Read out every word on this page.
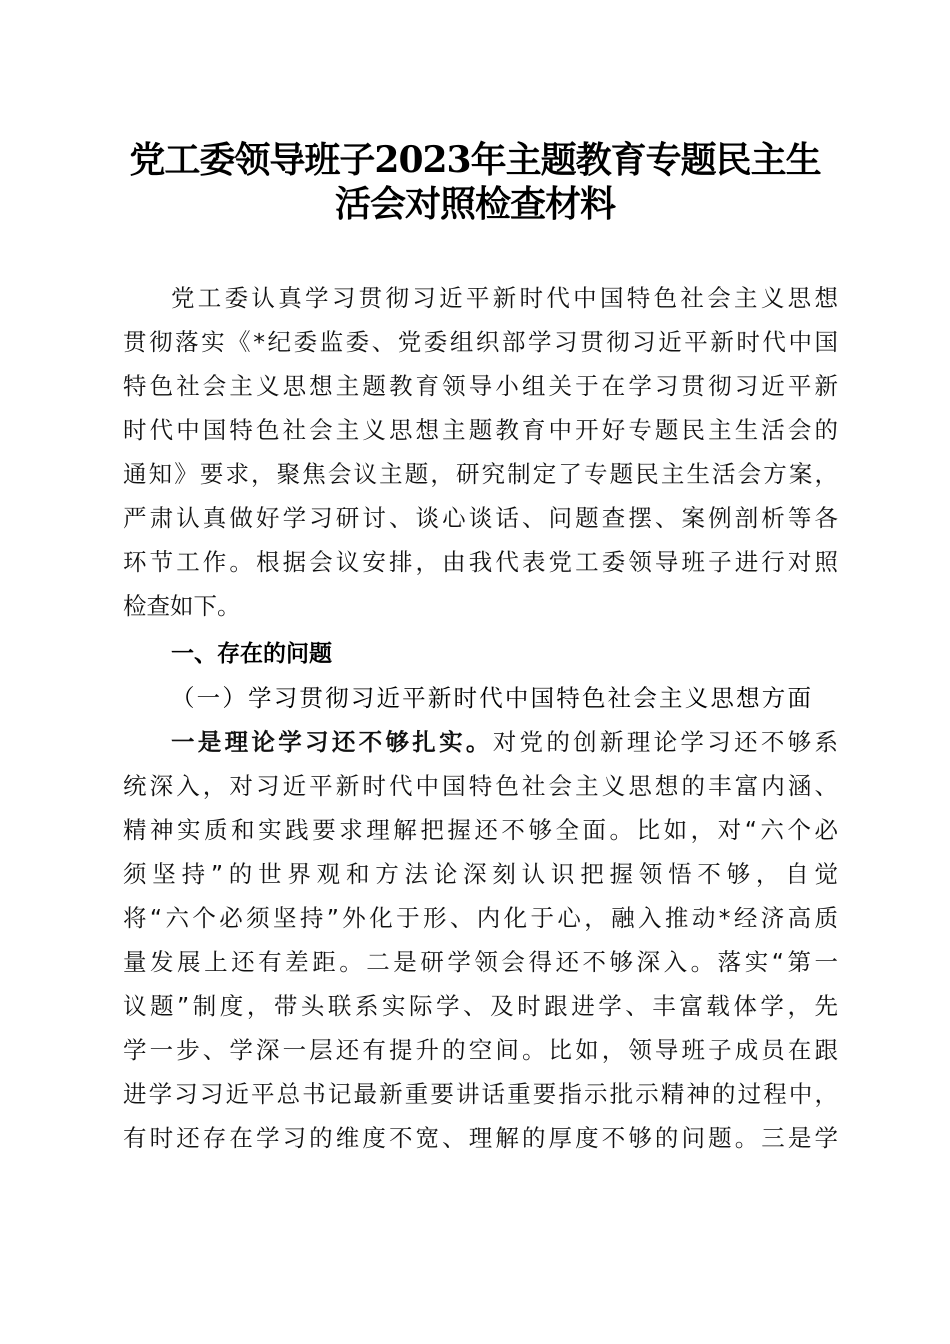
党工委领导班子2023年主题教育专题民主生
活会对照检查材料
党工委认真学习贯彻习近平新时代中国特色社会主义思想
贯彻落实《*纪委监委、党委组织部学习贯彻习近平新时代中国
特色社会主义思想主题教育领导小组关于在学习贯彻习近平新
时代中国特色社会主义思想主题教育中开好专题民主生活会的
通知》要求，聚焦会议主题，研究制定了专题民主生活会方案，
严肃认真做好学习研讨、谈心谈话、问题查摆、案例剖析等各
环节工作。根据会议安排，由我代表党工委领导班子进行对照
检查如下。
一、存在的问题
（一）学习贯彻习近平新时代中国特色社会主义思想方面
一是理论学习还不够扎实。对党的创新理论学习还不够系
统深入，对习近平新时代中国特色社会主义思想的丰富内涵、
精神实质和实践要求理解把握还不够全面。比如，对“六个必
须坚持”的世界观和方法论深刻认识把握领悟不够，自觉
将“六个必须坚持”外化于形、内化于心，融入推动*经济高质
量发展上还有差距。二是研学领会得还不够深入。落实“第一
议题”制度，带头联系实际学、及时跟进学、丰富载体学，先
学一步、学深一层还有提升的空间。比如，领导班子成员在跟
进学习习近平总书记最新重要讲话重要指示批示精神的过程中，
有时还存在学习的维度不宽、理解的厚度不够的问题。三是学
